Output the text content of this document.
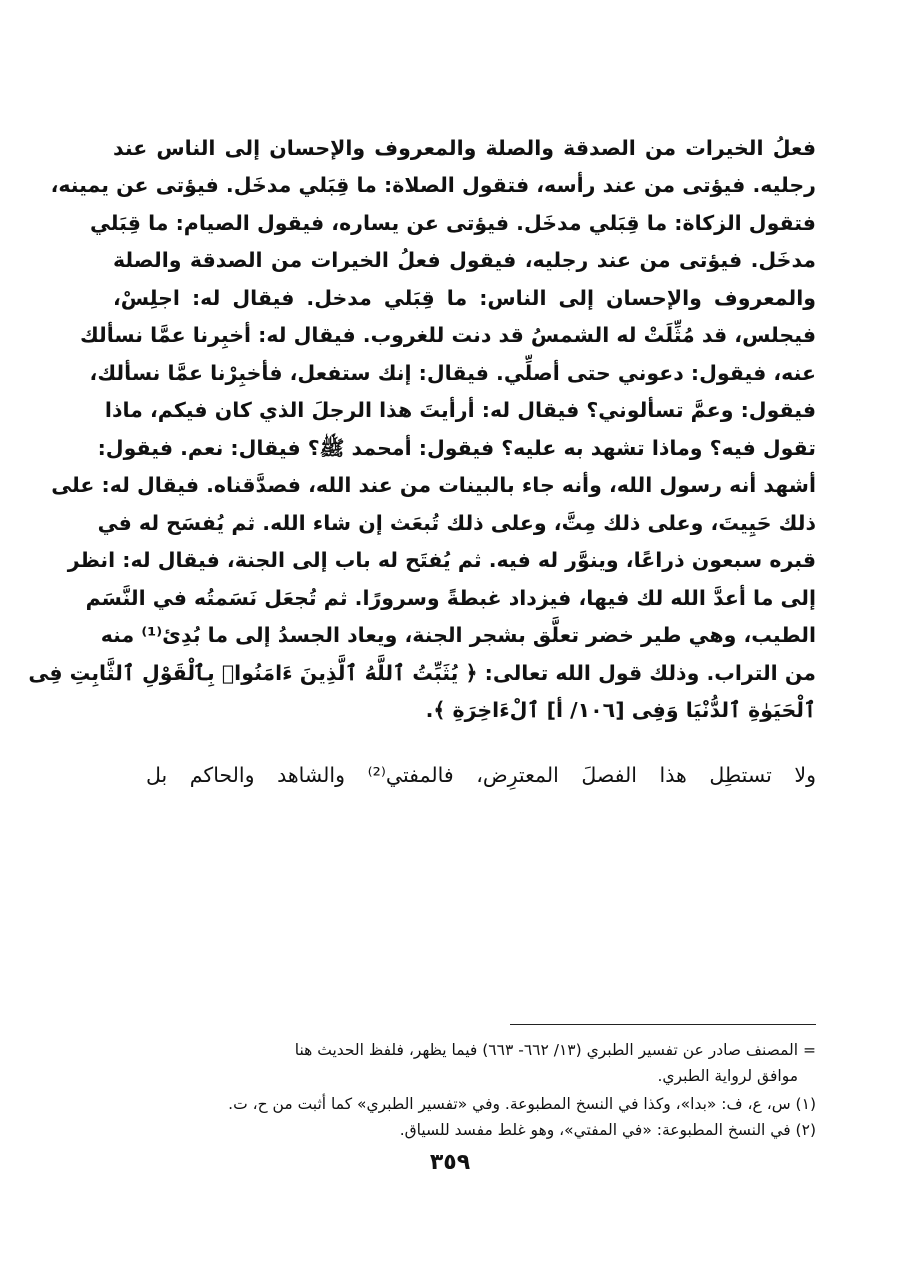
فعلُ الخيرات من الصدقة والصلة والمعروف والإحسان إلى الناس عند
رجليه. فيؤتى من عند رأسه، فتقول الصلاة: ما قِبَلي مدخَل. فيؤتى عن يمينه،
فتقول الزكاة: ما قِبَلي مدخَل. فيؤتى عن يساره، فيقول الصيام: ما قِبَلي
مدخَل. فيؤتى من عند رجليه، فيقول فعلُ الخيرات من الصدقة والصلة
والمعروف والإحسان إلى الناس: ما قِبَلي مدخل. فيقال له: اجلِسْ،
فيجلس، قد مُثِّلَتْ له الشمسُ قد دنت للغروب. فيقال له: أخبِرنا عمَّا نسألك
عنه، فيقول: دعوني حتى أصلِّي. فيقال: إنك ستفعل، فأخبِرْنا عمَّا نسألك،
فيقول: وعمَّ تسألوني؟ فيقال له: أرأيتَ هذا الرجلَ الذي كان فيكم، ماذا
تقول فيه؟ وماذا تشهد به عليه؟ فيقول: أمحمد ﷺ؟ فيقال: نعم. فيقول:
أشهد أنه رسول الله، وأنه جاء بالبينات من عند الله، فصدَّقناه. فيقال له: على
ذلك حَيِيتَ، وعلى ذلك مِتَّ، وعلى ذلك تُبعَث إن شاء الله. ثم يُفسَح له في
قبره سبعون ذراعًا، وينوَّر له فيه. ثم يُفتَح له باب إلى الجنة، فيقال له: انظر
إلى ما أعدَّ الله لك فيها، فيزداد غبطةً وسرورًا. ثم تُجعَل نَسَمتُه في النَّسَم
الطيب، وهي طير خضر تعلَّق بشجر الجنة، ويعاد الجسدُ إلى ما بُدِئ⁽¹⁾ منه
من التراب. وذلك قول الله تعالى: ﴿ يُثَبِّتُ ٱللَّهُ ٱلَّذِينَ ءَامَنُوا۟ بِٱلْقَوْلِ ٱلثَّابِتِ فِى
ٱلْحَيَوٰةِ ٱلدُّنْيَا وَفِى [١٠٦/ أ] ٱلْءَاخِرَةِ ﴾.
ولا تستطِل هذا الفصلَ المعترِض، فالمفتي⁽²⁾ والشاهد والحاكم بل
= المصنف صادر عن تفسير الطبري (١٣/ ٦٦٢- ٦٦٣) فيما يظهر، فلفظ الحديث هنا
موافق لرواية الطبري.
(١) س، ع، ف: «بدا»، وكذا في النسخ المطبوعة. وفي «تفسير الطبري» كما أثبت من ح، ت.
(٢) في النسخ المطبوعة: «في المفتي»، وهو غلط مفسد للسياق.
٣٥٩
